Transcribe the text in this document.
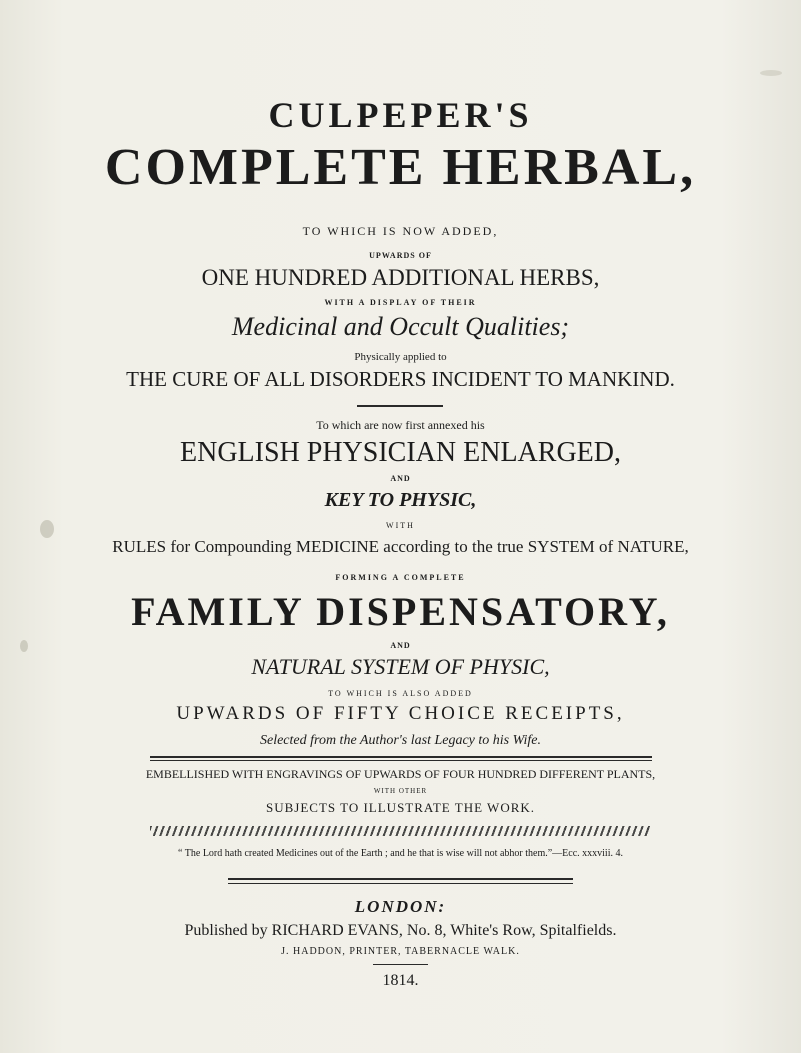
CULPEPER'S
COMPLETE HERBAL,
TO WHICH IS NOW ADDED,
UPWARDS OF
ONE HUNDRED ADDITIONAL HERBS,
WITH A DISPLAY OF THEIR
Medicinal and Occult Qualities;
Physically applied to
THE CURE OF ALL DISORDERS INCIDENT TO MANKIND.
To which are now first annexed his
ENGLISH PHYSICIAN ENLARGED,
AND
KEY TO PHYSIC,
WITH
RULES for Compounding MEDICINE according to the true SYSTEM of NATURE,
FORMING A COMPLETE
FAMILY DISPENSATORY,
AND
NATURAL SYSTEM OF PHYSIC,
TO WHICH IS ALSO ADDED
UPWARDS OF FIFTY CHOICE RECEIPTS,
Selected from the Author's last Legacy to his Wife.
EMBELLISHED WITH ENGRAVINGS OF UPWARDS OF FOUR HUNDRED DIFFERENT PLANTS,
WITH OTHER
SUBJECTS TO ILLUSTRATE THE WORK.
“ The Lord hath created Medicines out of the Earth ; and he that is wise will not abhor them.”—Ecc. xxxviii. 4.
LONDON:
Published by RICHARD EVANS, No. 8, White's Row, Spitalfields.
J. HADDON, PRINTER, TABERNACLE WALK.
1814.
